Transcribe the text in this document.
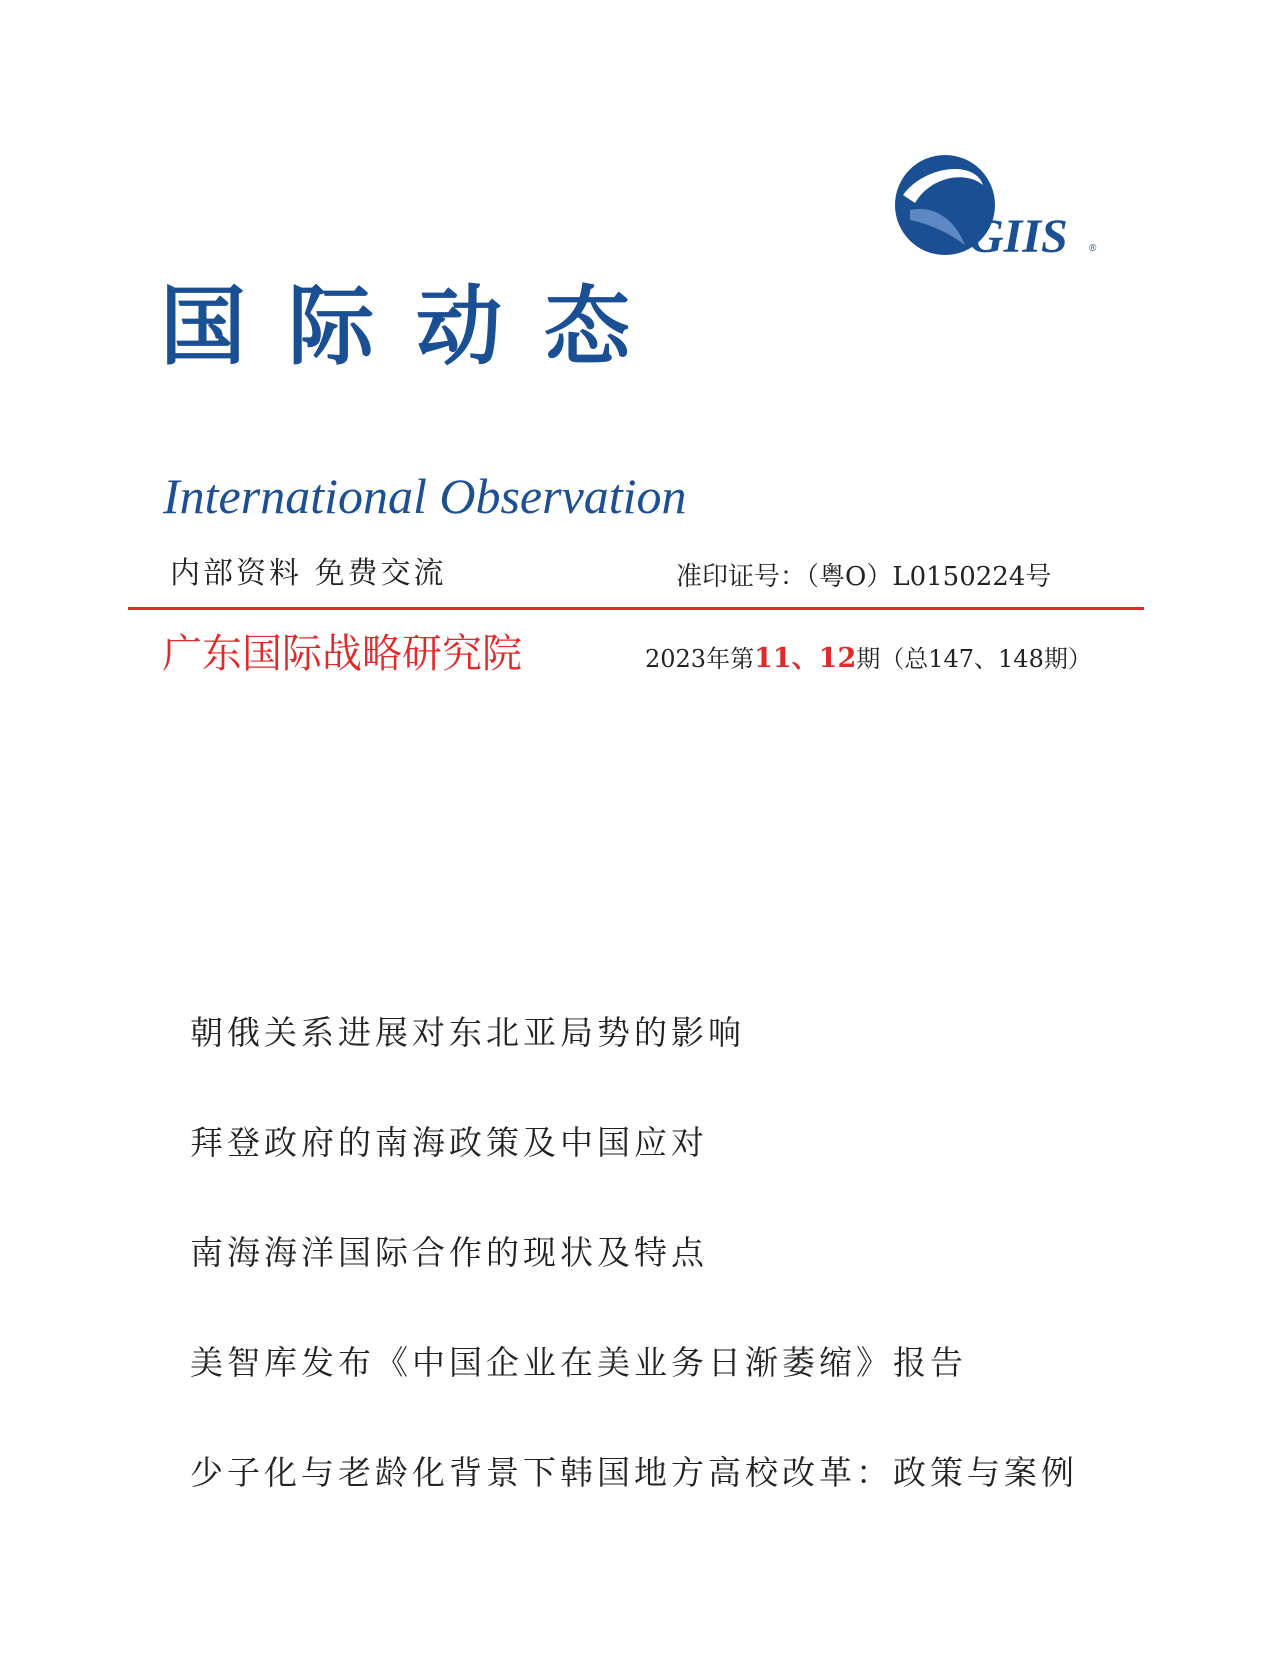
GIIS ®
国际动态
International Observation
内部资料 免费交流	准印证号：（粤O）L0150224号
广东国际战略研究院	2023年第11、12期（总147、148期）
朝俄关系进展对东北亚局势的影响
拜登政府的南海政策及中国应对
南海海洋国际合作的现状及特点
美智库发布《中国企业在美业务日渐萎缩》报告
少子化与老龄化背景下韩国地方高校改革：政策与案例
